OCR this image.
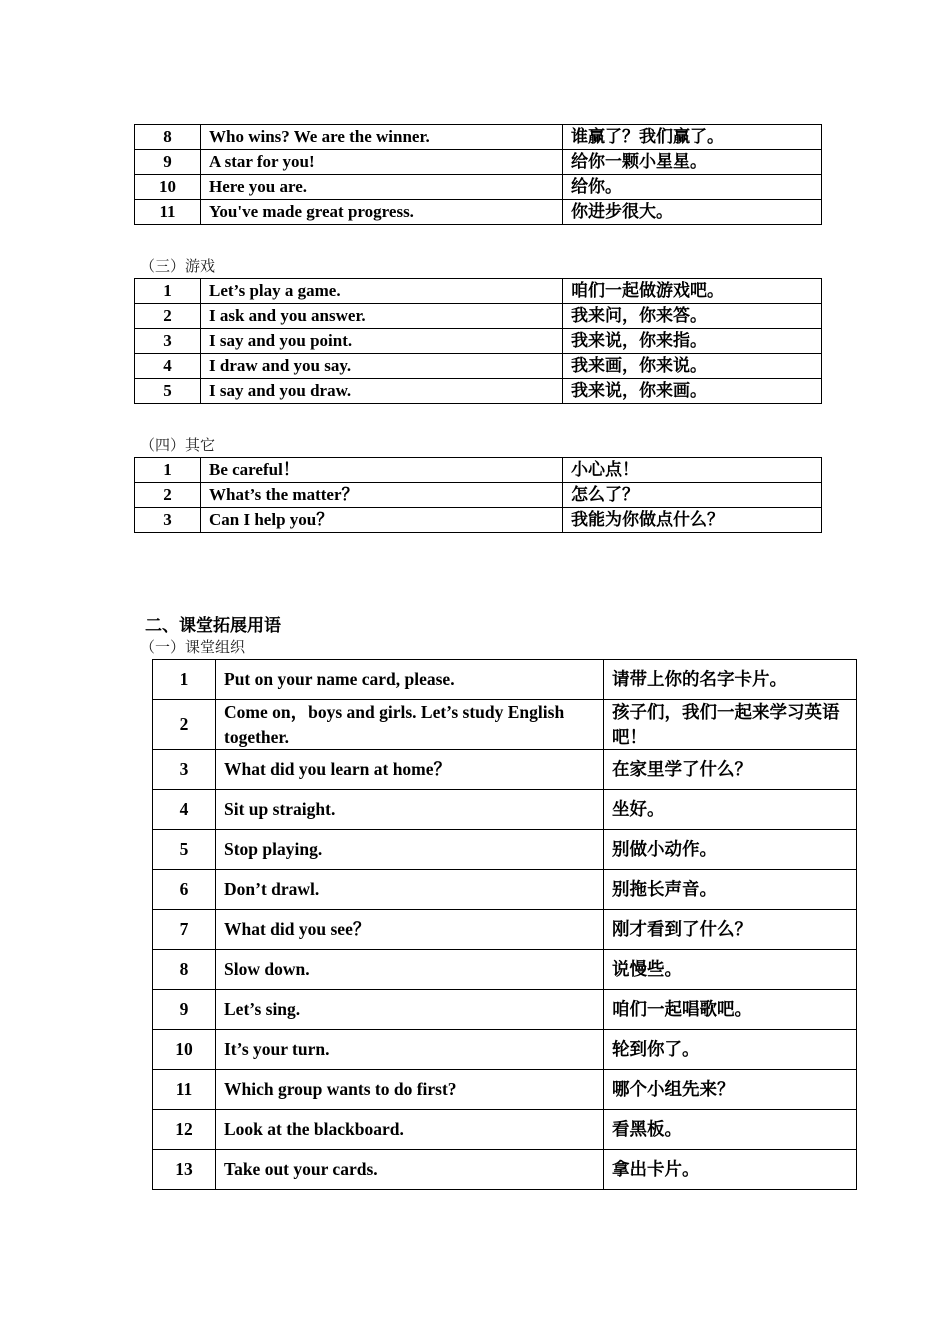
8	Who wins? We are the winner.	谁赢了？我们赢了。
9	A star for you!	给你一颗小星星。
10	Here you are.	给你。
11	You've made great progress.	你进步很大。
（三）游戏
1	Let’s play a game.	咱们一起做游戏吧。
2	I ask and you answer.	我来问，你来答。
3	I say and you point.	我来说，你来指。
4	I draw and you say.	我来画，你来说。
5	I say and you draw.	我来说，你来画。
（四）其它
1	Be careful！	小心点！
2	What’s the matter？	怎么了？
3	Can I help you？	我能为你做点什么？
二、课堂拓展用语
（一）课堂组织
1	Put on your name card, please.	请带上你的名字卡片。
2	Come on，boys and girls. Let’s study English together.	孩子们，我们一起来学习英语吧！
3	What did you learn at home？	在家里学了什么？
4	Sit up straight.	坐好。
5	Stop playing.	别做小动作。
6	Don’t drawl.	别拖长声音。
7	What did you see？	刚才看到了什么？
8	Slow down.	说慢些。
9	Let’s sing.	咱们一起唱歌吧。
10	It’s your turn.	轮到你了。
11	Which group wants to do first?	哪个小组先来？
12	Look at the blackboard.	看黑板。
13	Take out your cards.	拿出卡片。
